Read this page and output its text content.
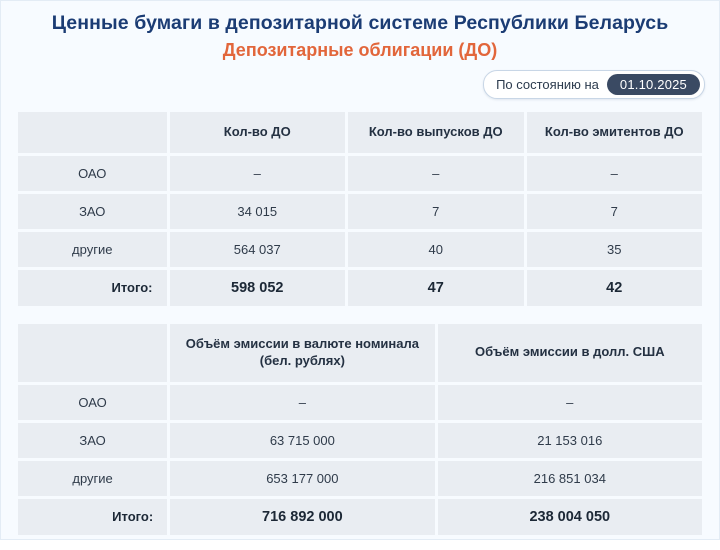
Ценные бумаги в депозитарной системе Республики Беларусь
Депозитарные облигации (ДО)
По состоянию на	01.10.2025
	Кол-во ДО	Кол-во выпусков ДО	Кол-во эмитентов ДО
ОАО	–	–	–
ЗАО	34 015	7	7
другие	564 037	40	35
Итого:	598 052	47	42
	Объём эмиссии в валюте номинала (бел. рублях)	Объём эмиссии в долл. США
ОАО	–	–
ЗАО	63 715 000	21 153 016
другие	653 177 000	216 851 034
Итого:	716 892 000	238 004 050
